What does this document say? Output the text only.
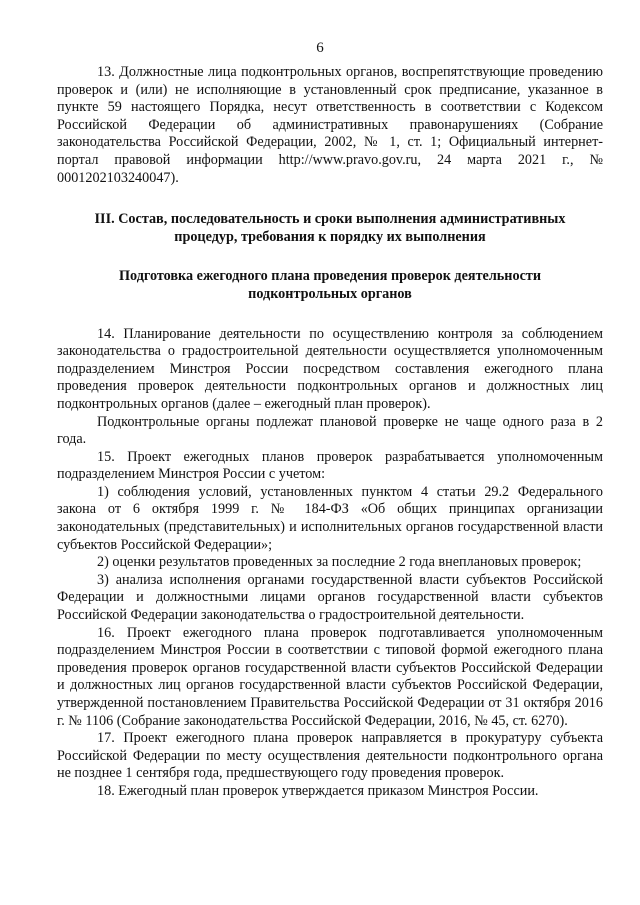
6

13. Должностные лица подконтрольных органов, воспрепятствующие проведению проверок и (или) не исполняющие в установленный срок предписание, указанное в пункте 59 настоящего Порядка, несут ответственность в соответствии с Кодексом Российской Федерации об административных правонарушениях (Собрание законодательства Российской Федерации, 2002, № 1, ст. 1; Официальный интернет-портал правовой информации http://www.pravo.gov.ru, 24 марта 2021 г., № 0001202103240047).

III. Состав, последовательность и сроки выполнения административных процедур, требования к порядку их выполнения
Подготовка ежегодного плана проведения проверок деятельности подконтрольных органов

14. Планирование деятельности по осуществлению контроля за соблюдением законодательства о градостроительной деятельности осуществляется уполномоченным подразделением Минстроя России посредством составления ежегодного плана проведения проверок деятельности подконтрольных органов и должностных лиц подконтрольных органов (далее – ежегодный план проверок).

Подконтрольные органы подлежат плановой проверке не чаще одного раза в 2 года.

15. Проект ежегодных планов проверок разрабатывается уполномоченным подразделением Минстроя России с учетом:

1) соблюдения условий, установленных пунктом 4 статьи 29.2 Федерального закона от 6 октября 1999 г. № 184-ФЗ «Об общих принципах организации законодательных (представительных) и исполнительных органов государственной власти субъектов Российской Федерации»;

2) оценки результатов проведенных за последние 2 года внеплановых проверок;

3) анализа исполнения органами государственной власти субъектов Российской Федерации и должностными лицами органов государственной власти субъектов Российской Федерации законодательства о градостроительной деятельности.

16. Проект ежегодного плана проверок подготавливается уполномоченным подразделением Минстроя России в соответствии с типовой формой ежегодного плана проведения проверок органов государственной власти субъектов Российской Федерации и должностных лиц органов государственной власти субъектов Российской Федерации, утвержденной постановлением Правительства Российской Федерации от 31 октября 2016 г. № 1106 (Собрание законодательства Российской Федерации, 2016, № 45, ст. 6270).

17. Проект ежегодного плана проверок направляется в прокуратуру субъекта Российской Федерации по месту осуществления деятельности подконтрольного органа не позднее 1 сентября года, предшествующего году проведения проверок.

18. Ежегодный план проверок утверждается приказом Минстроя России.
